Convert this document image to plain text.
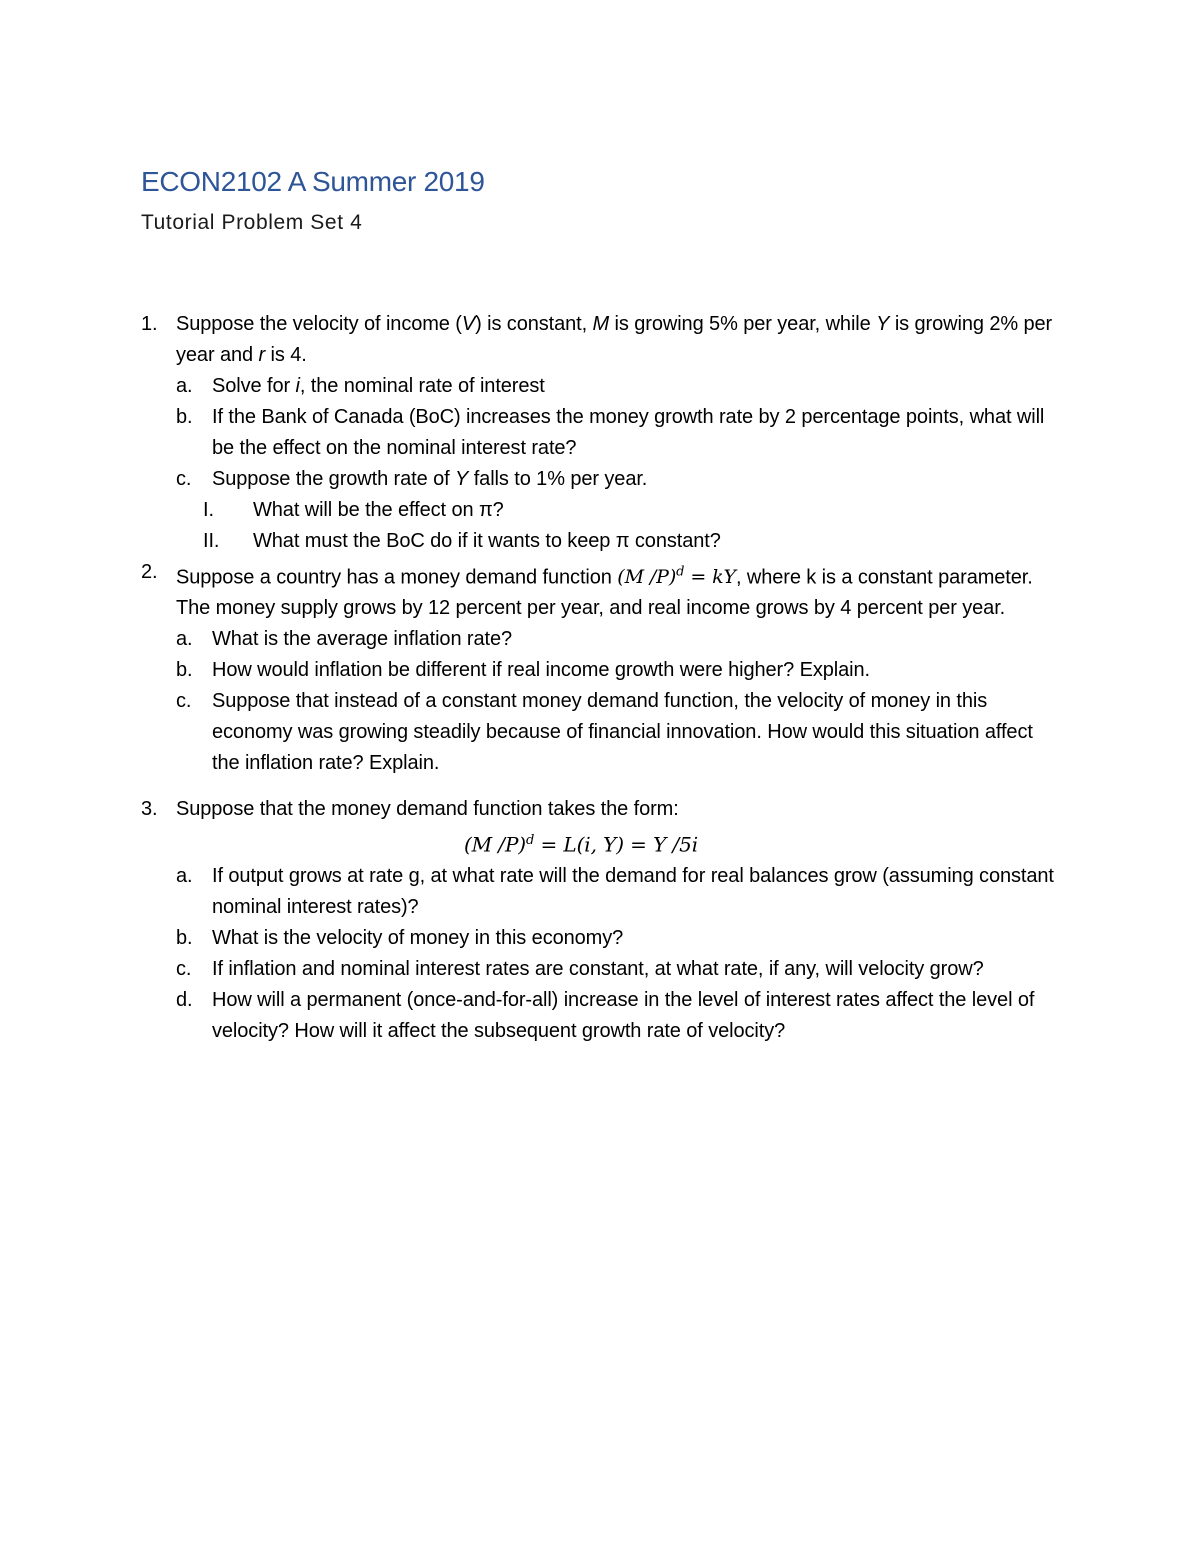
ECON2102 A Summer 2019
Tutorial Problem Set 4
1. Suppose the velocity of income (V) is constant, M is growing 5% per year, while Y is growing 2% per year and r is 4.
a. Solve for i, the nominal rate of interest
b. If the Bank of Canada (BoC) increases the money growth rate by 2 percentage points, what will be the effect on the nominal interest rate?
c. Suppose the growth rate of Y falls to 1% per year.
I. What will be the effect on π?
II. What must the BoC do if it wants to keep π constant?
2. Suppose a country has a money demand function (M /P)$^d$ = kY, where k is a constant parameter. The money supply grows by 12 percent per year, and real income grows by 4 percent per year.
a. What is the average inflation rate?
b. How would inflation be different if real income growth were higher? Explain.
c. Suppose that instead of a constant money demand function, the velocity of money in this economy was growing steadily because of financial innovation. How would this situation affect the inflation rate? Explain.
3. Suppose that the money demand function takes the form:
(M /P)$^d$ = L(i, Y) = Y /5i
a. If output grows at rate g, at what rate will the demand for real balances grow (assuming constant nominal interest rates)?
b. What is the velocity of money in this economy?
c. If inflation and nominal interest rates are constant, at what rate, if any, will velocity grow?
d. How will a permanent (once-and-for-all) increase in the level of interest rates affect the level of velocity? How will it affect the subsequent growth rate of velocity?
